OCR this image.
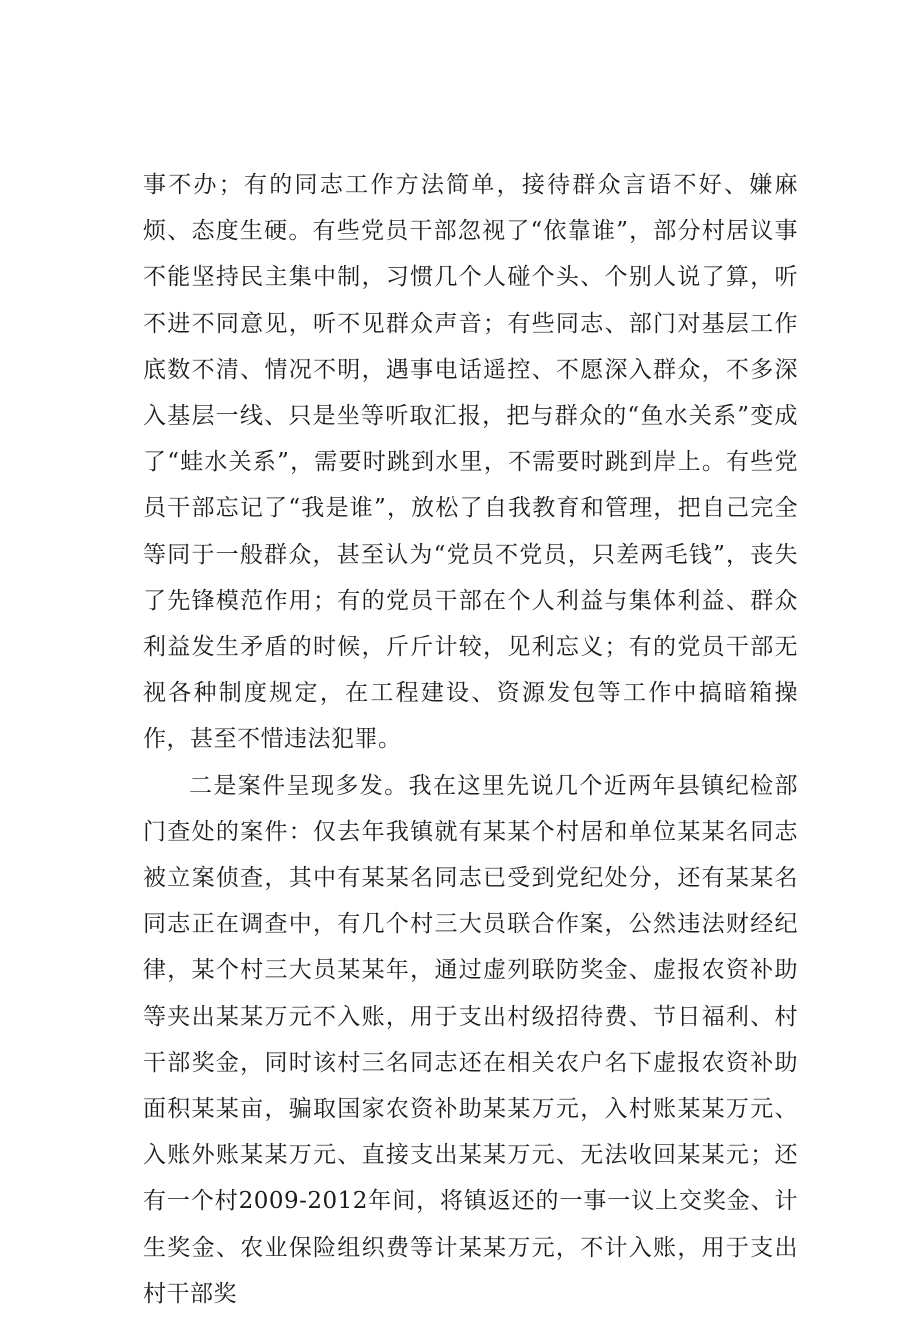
事不办；有的同志工作方法简单，接待群众言语不好、嫌麻烦、态度生硬。有些党员干部忽视了“依靠谁”，部分村居议事不能坚持民主集中制，习惯几个人碰个头、个别人说了算，听不进不同意见，听不见群众声音；有些同志、部门对基层工作底数不清、情况不明，遇事电话遥控、不愿深入群众，不多深入基层一线、只是坐等听取汇报，把与群众的“鱼水关系”变成了“蛙水关系”，需要时跳到水里，不需要时跳到岸上。有些党员干部忘记了“我是谁”，放松了自我教育和管理，把自己完全等同于一般群众，甚至认为“党员不党员，只差两毛钱”，丧失了先锋模范作用；有的党员干部在个人利益与集体利益、群众利益发生矛盾的时候，斤斤计较，见利忘义；有的党员干部无视各种制度规定，在工程建设、资源发包等工作中搞暗箱操作，甚至不惜违法犯罪。

二是案件呈现多发。我在这里先说几个近两年县镇纪检部门查处的案件：仅去年我镇就有某某个村居和单位某某名同志被立案侦查，其中有某某名同志已受到党纪处分，还有某某名同志正在调查中，有几个村三大员联合作案，公然违法财经纪律，某个村三大员某某年，通过虚列联防奖金、虚报农资补助等夹出某某万元不入账，用于支出村级招待费、节日福利、村干部奖金，同时该村三名同志还在相关农户名下虚报农资补助面积某某亩，骗取国家农资补助某某万元，入村账某某万元、入账外账某某万元、直接支出某某万元、无法收回某某元；还有一个村2009-2012年间，将镇返还的一事一议上交奖金、计生奖金、农业保险组织费等计某某万元，不计入账，用于支出村干部奖
